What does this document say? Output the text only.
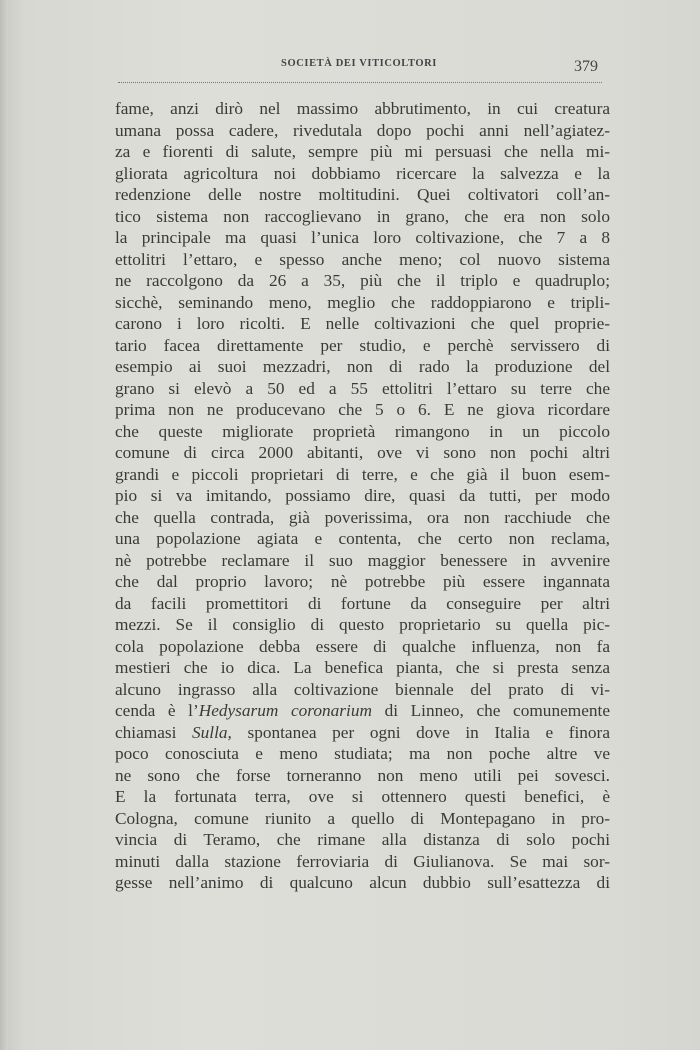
SOCIETÀ DEI VITICOLTORI	379
fame, anzi dirò nel massimo abbrutimento, in cui creatura
umana possa cadere, rivedutala dopo pochi anni nell’agiatez-
za e fiorenti di salute, sempre più mi persuasi che nella mi-
gliorata agricoltura noi dobbiamo ricercare la salvezza e la
redenzione delle nostre moltitudini. Quei coltivatori coll’an-
tico sistema non raccoglievano in grano, che era non solo
la principale ma quasi l’unica loro coltivazione, che 7 a 8
ettolitri l’ettaro, e spesso anche meno; col nuovo sistema
ne raccolgono da 26 a 35, più che il triplo e quadruplo;
sicchè, seminando meno, meglio che raddoppiarono e tripli-
carono i loro ricolti. E nelle coltivazioni che quel proprie-
tario facea direttamente per studio, e perchè servissero di
esempio ai suoi mezzadri, non di rado la produzione del
grano si elevò a 50 ed a 55 ettolitri l’ettaro su terre che
prima non ne producevano che 5 o 6. E ne giova ricordare
che queste migliorate proprietà rimangono in un piccolo
comune di circa 2000 abitanti, ove vi sono non pochi altri
grandi e piccoli proprietari di terre, e che già il buon esem-
pio si va imitando, possiamo dire, quasi da tutti, per modo
che quella contrada, già poverissima, ora non racchiude che
una popolazione agiata e contenta, che certo non reclama,
nè potrebbe reclamare il suo maggior benessere in avvenire
che dal proprio lavoro; nè potrebbe più essere ingannata
da facili promettitori di fortune da conseguire per altri
mezzi. Se il consiglio di questo proprietario su quella pic-
cola popolazione debba essere di qualche influenza, non fa
mestieri che io dica. La benefica pianta, che si presta senza
alcuno ingrasso alla coltivazione biennale del prato di vi-
cenda è l’Hedysarum coronarium di Linneo, che comunemente
chiamasi Sulla, spontanea per ogni dove in Italia e finora
poco conosciuta e meno studiata; ma non poche altre ve
ne sono che forse torneranno non meno utili pei sovesci.
E la fortunata terra, ove si ottennero questi benefici, è
Cologna, comune riunito a quello di Montepagano in pro-
vincia di Teramo, che rimane alla distanza di solo pochi
minuti dalla stazione ferroviaria di Giulianova. Se mai sor-
gesse nell’animo di qualcuno alcun dubbio sull’esattezza di
